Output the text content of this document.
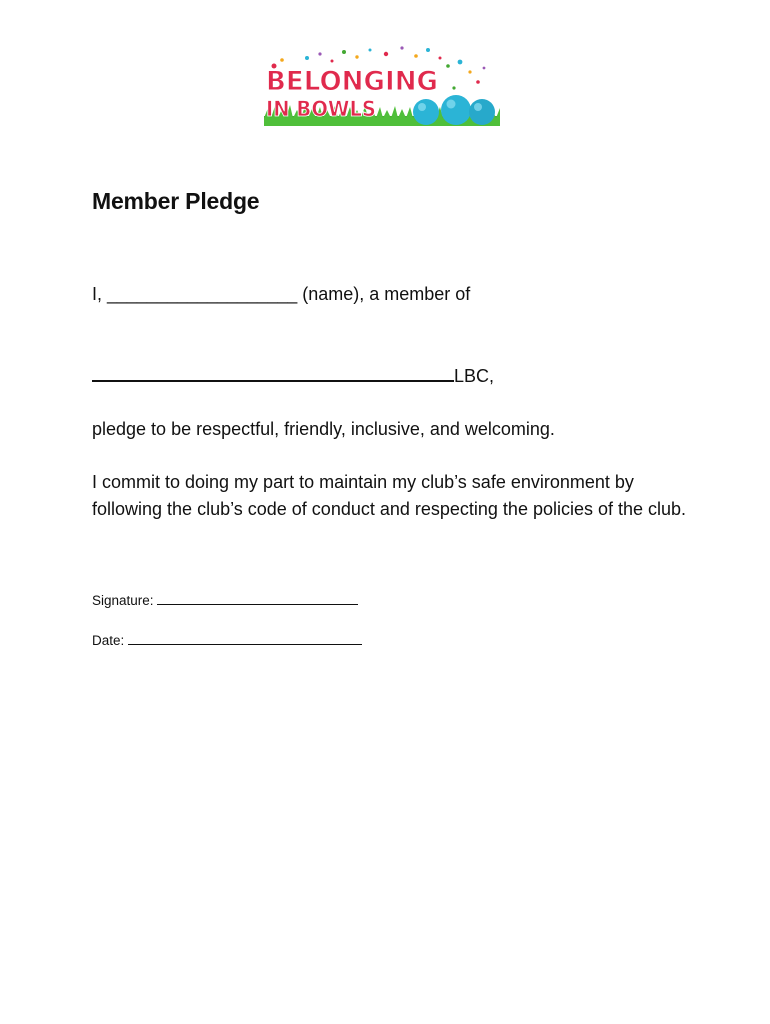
BELONGING
IN BOWLS
Member Pledge
I, ___________________ (name), a member of
LBC,
pledge to be respectful, friendly, inclusive, and welcoming.
I commit to doing my part to maintain my club’s safe environment by following the club’s code of conduct and respecting the policies of the club.
Signature:
Date:
